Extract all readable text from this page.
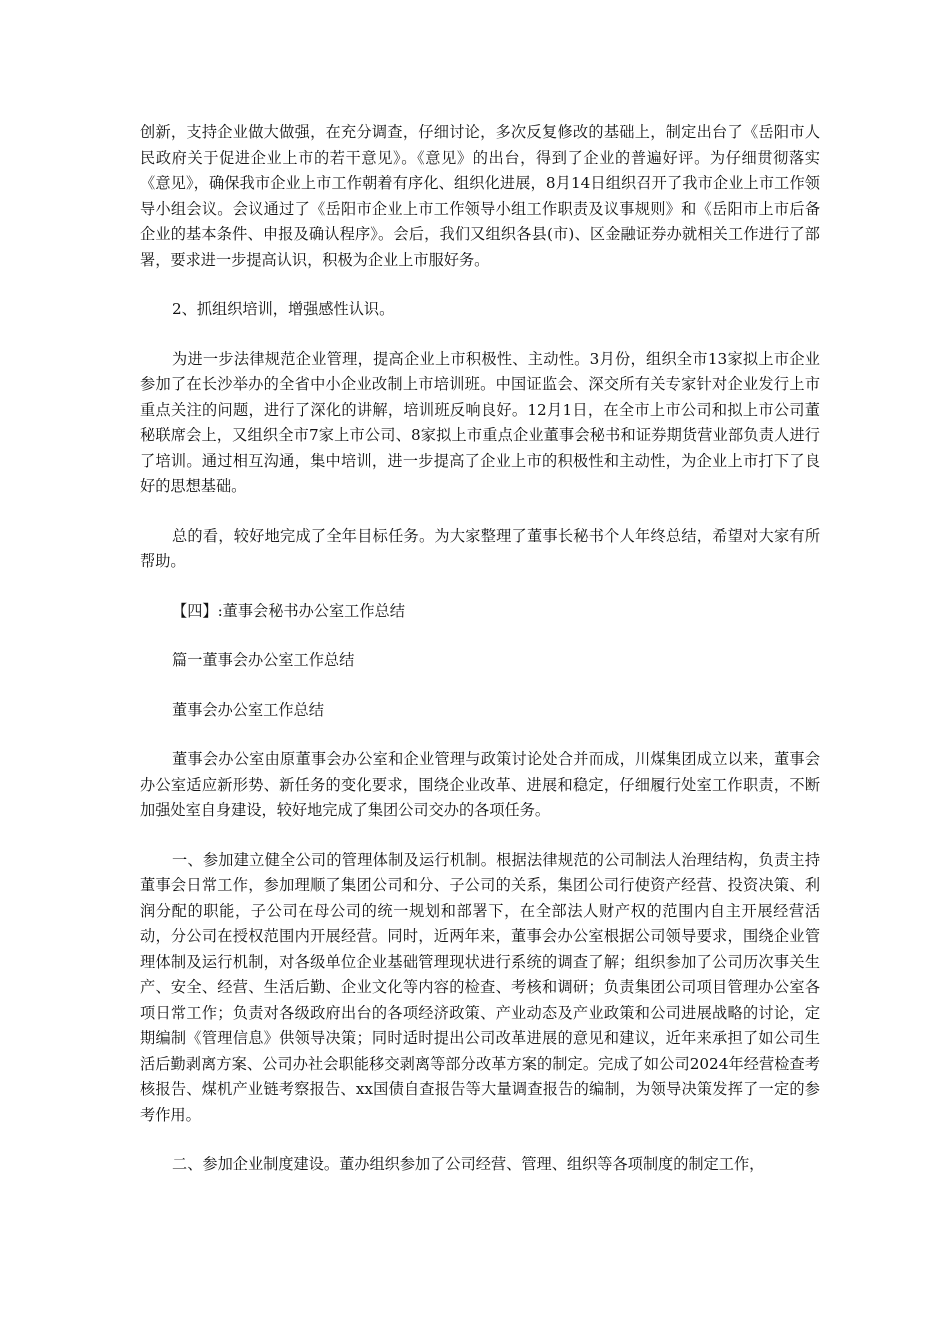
创新，支持企业做大做强，在充分调查，仔细讨论，多次反复修改的基础上，制定出台了《岳阳市人民政府关于促进企业上市的若干意见》。《意见》的出台，得到了企业的普遍好评。为仔细贯彻落实《意见》，确保我市企业上市工作朝着有序化、组织化进展，8月14日组织召开了我市企业上市工作领导小组会议。会议通过了《岳阳市企业上市工作领导小组工作职责及议事规则》和《岳阳市上市后备企业的基本条件、申报及确认程序》。会后，我们又组织各县(市)、区金融证券办就相关工作进行了部署，要求进一步提高认识，积极为企业上市服好务。

2、抓组织培训，增强感性认识。

为进一步法律规范企业管理，提高企业上市积极性、主动性。3月份，组织全市13家拟上市企业参加了在长沙举办的全省中小企业改制上市培训班。中国证监会、深交所有关专家针对企业发行上市重点关注的问题，进行了深化的讲解，培训班反响良好。12月1日，在全市上市公司和拟上市公司董秘联席会上，又组织全市7家上市公司、8家拟上市重点企业董事会秘书和证券期货营业部负责人进行了培训。通过相互沟通，集中培训，进一步提高了企业上市的积极性和主动性，为企业上市打下了良好的思想基础。

总的看，较好地完成了全年目标任务。为大家整理了董事长秘书个人年终总结，希望对大家有所帮助。

【四】:董事会秘书办公室工作总结

篇一董事会办公室工作总结

董事会办公室工作总结

董事会办公室由原董事会办公室和企业管理与政策讨论处合并而成，川煤集团成立以来，董事会办公室适应新形势、新任务的变化要求，围绕企业改革、进展和稳定，仔细履行处室工作职责，不断加强处室自身建设，较好地完成了集团公司交办的各项任务。

一、参加建立健全公司的管理体制及运行机制。根据法律规范的公司制法人治理结构，负责主持董事会日常工作，参加理顺了集团公司和分、子公司的关系，集团公司行使资产经营、投资决策、利润分配的职能，子公司在母公司的统一规划和部署下，在全部法人财产权的范围内自主开展经营活动，分公司在授权范围内开展经营。同时，近两年来，董事会办公室根据公司领导要求，围绕企业管理体制及运行机制，对各级单位企业基础管理现状进行系统的调查了解；组织参加了公司历次事关生产、安全、经营、生活后勤、企业文化等内容的检查、考核和调研；负责集团公司项目管理办公室各项日常工作；负责对各级政府出台的各项经济政策、产业动态及产业政策和公司进展战略的讨论，定期编制《管理信息》供领导决策；同时适时提出公司改革进展的意见和建议，近年来承担了如公司生活后勤剥离方案、公司办社会职能移交剥离等部分改革方案的制定。完成了如公司2024年经营检查考核报告、煤机产业链考察报告、xx国债自查报告等大量调查报告的编制，为领导决策发挥了一定的参考作用。

二、参加企业制度建设。董办组织参加了公司经营、管理、组织等各项制度的制定工作，
